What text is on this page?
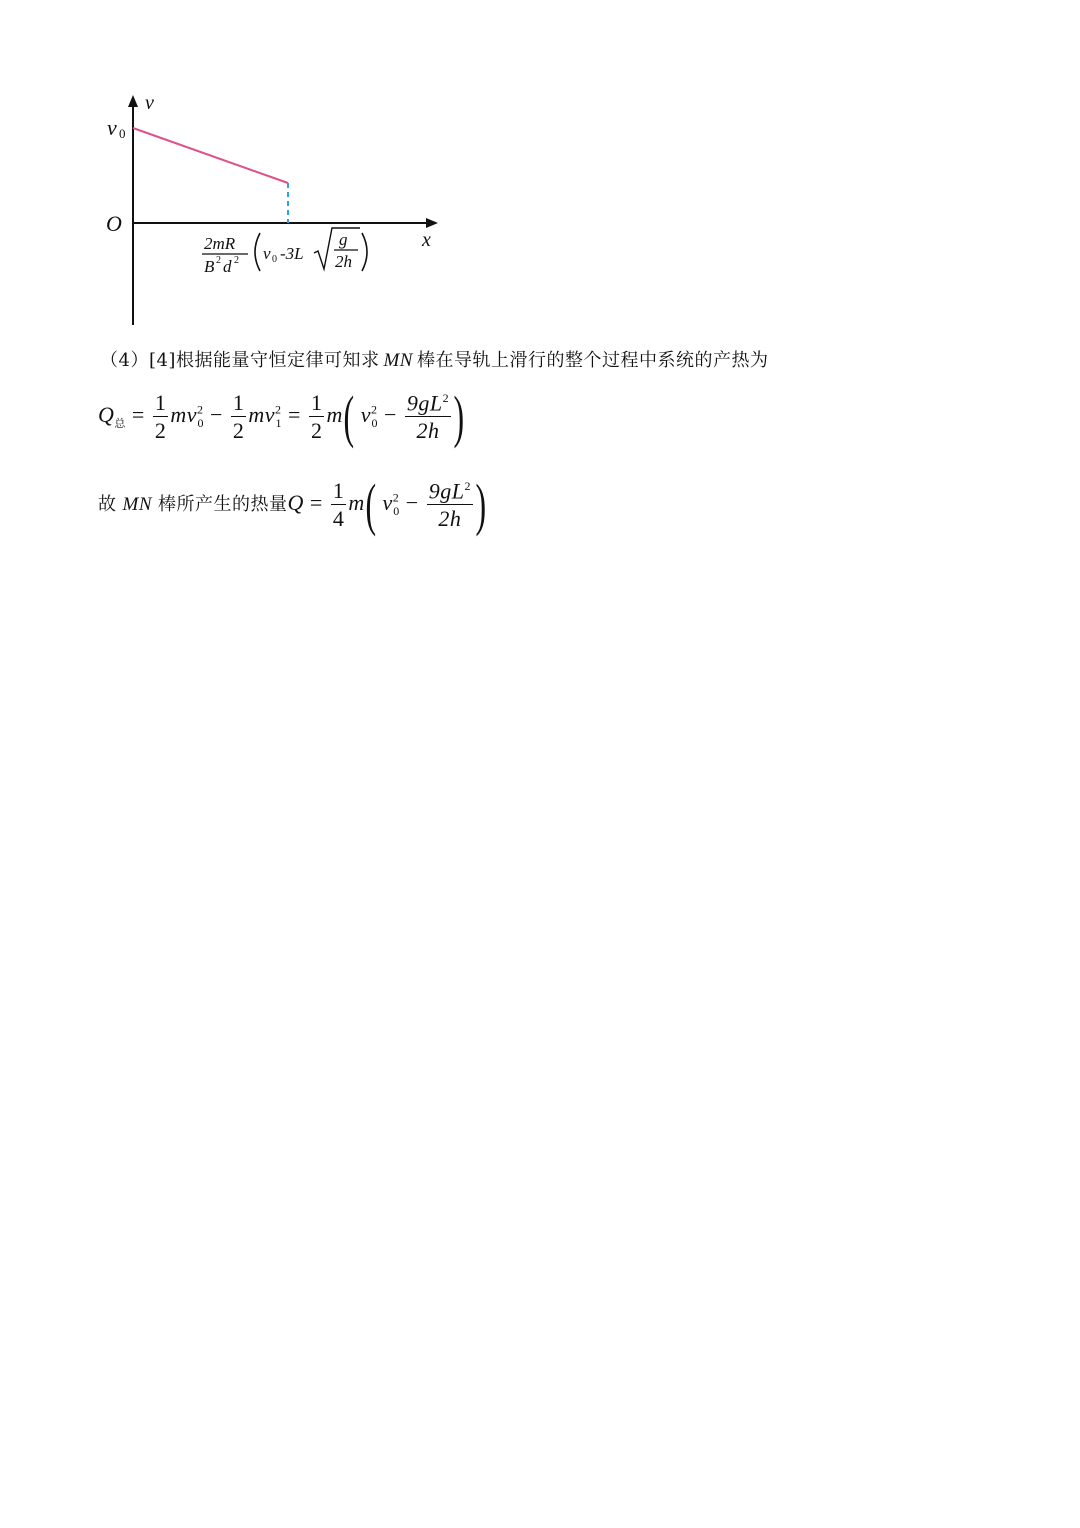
v
x
O
v 0
2mR
B 2 d 2 v 0 -3L
g
2h
（4）[4]根据能量守恒定律可知求 MN 棒在导轨上滑行的整个过程中系统的产热为
$Q_总 = \frac{1}{2} mv^2_0 - \frac{1}{2} mv^2_1 = \frac{1}{2} m$( $v^2_0 - \frac{9gL^2}{2h}$ )
故 MN 棒所产生的热量$Q = \frac{1}{4} m$( $v^2_0 - \frac{9gL^2}{2h}$ )
